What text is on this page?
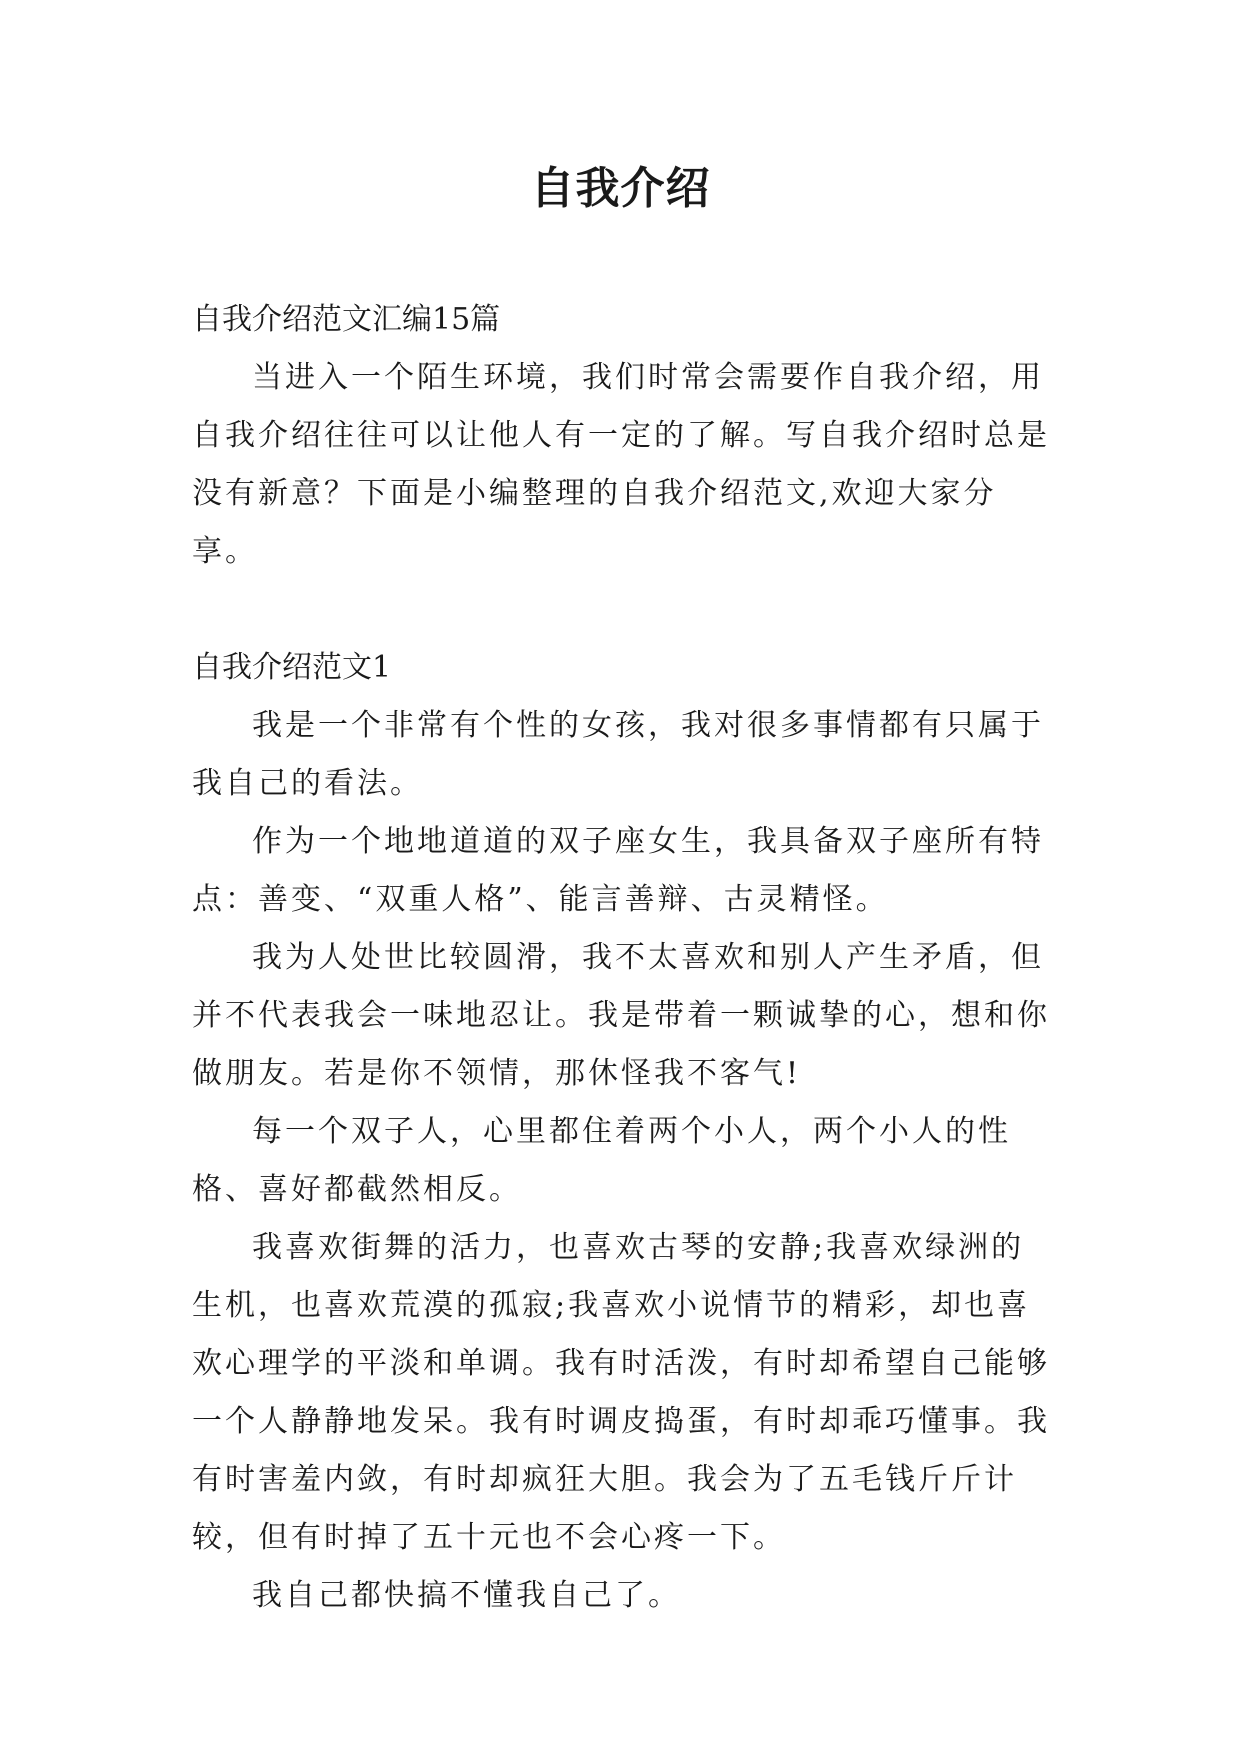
自我介绍

自我介绍范文汇编15篇

当进入一个陌生环境，我们时常会需要作自我介绍，用自我介绍往往可以让他人有一定的了解。写自我介绍时总是没有新意？下面是小编整理的自我介绍范文,欢迎大家分享。

自我介绍范文1

我是一个非常有个性的女孩，我对很多事情都有只属于我自己的看法。

作为一个地地道道的双子座女生，我具备双子座所有特点：善变、“双重人格”、能言善辩、古灵精怪。

我为人处世比较圆滑，我不太喜欢和别人产生矛盾，但并不代表我会一味地忍让。我是带着一颗诚挚的心，想和你做朋友。若是你不领情，那休怪我不客气!

每一个双子人，心里都住着两个小人，两个小人的性格、喜好都截然相反。

我喜欢街舞的活力，也喜欢古琴的安静;我喜欢绿洲的生机，也喜欢荒漠的孤寂;我喜欢小说情节的精彩，却也喜欢心理学的平淡和单调。我有时活泼，有时却希望自己能够一个人静静地发呆。我有时调皮捣蛋，有时却乖巧懂事。我有时害羞内敛，有时却疯狂大胆。我会为了五毛钱斤斤计较，但有时掉了五十元也不会心疼一下。

我自己都快搞不懂我自己了。
